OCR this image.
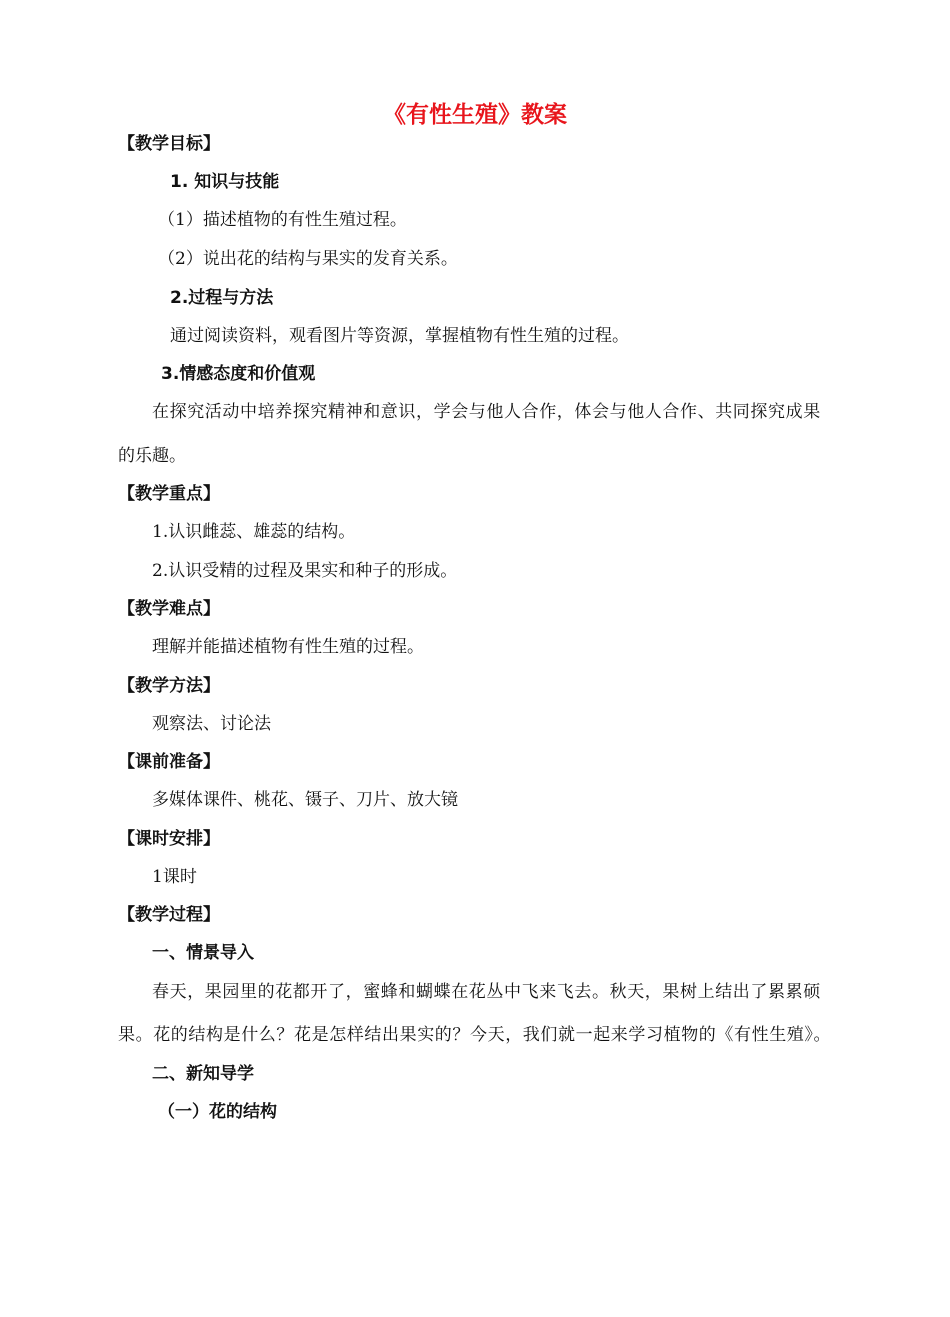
《有性生殖》教案
【教学目标】
1. 知识与技能
（1）描述植物的有性生殖过程。
（2）说出花的结构与果实的发育关系。
2.过程与方法
通过阅读资料，观看图片等资源，掌握植物有性生殖的过程。
3.情感态度和价值观
在探究活动中培养探究精神和意识，学会与他人合作，体会与他人合作、共同探究成果
的乐趣。
【教学重点】
1.认识雌蕊、雄蕊的结构。
2.认识受精的过程及果实和种子的形成。
【教学难点】
理解并能描述植物有性生殖的过程。
【教学方法】
观察法、讨论法
【课前准备】
多媒体课件、桃花、镊子、刀片、放大镜
【课时安排】
1课时
【教学过程】
一、情景导入
春天，果园里的花都开了，蜜蜂和蝴蝶在花丛中飞来飞去。秋天，果树上结出了累累硕
果。花的结构是什么？花是怎样结出果实的？今天，我们就一起来学习植物的《有性生殖》。
二、新知导学
（一）花的结构
